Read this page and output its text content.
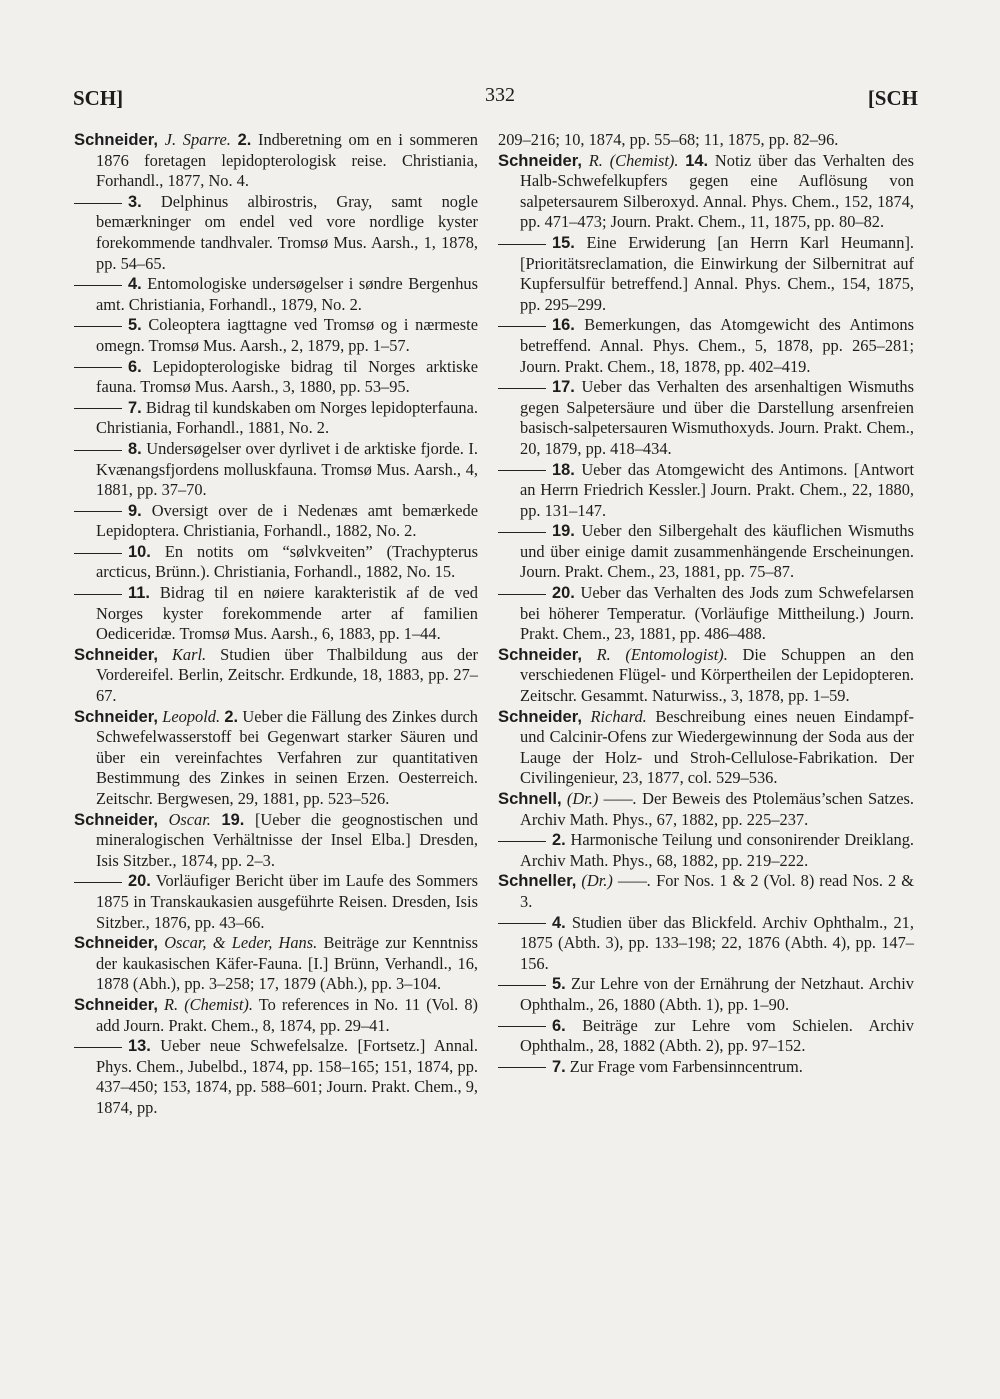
SCH]	332	[SCH

Schneider, J. Sparre. 2. Indberetning om en i sommeren 1876 foretagen lepidopterologisk reise. Christiania, Forhandl., 1877, No. 4.

3. Delphinus albirostris, Gray, samt nogle bemærkninger om endel ved vore nordlige kyster forekommende tandhvaler. Tromsø Mus. Aarsh., 1, 1878, pp. 54–65.

4. Entomologiske undersøgelser i søndre Bergenhus amt. Christiania, Forhandl., 1879, No. 2.

5. Coleoptera iagttagne ved Tromsø og i nærmeste omegn. Tromsø Mus. Aarsh., 2, 1879, pp. 1–57.

6. Lepidopterologiske bidrag til Norges arktiske fauna. Tromsø Mus. Aarsh., 3, 1880, pp. 53–95.

7. Bidrag til kundskaben om Norges lepidopterfauna. Christiania, Forhandl., 1881, No. 2.

8. Undersøgelser over dyrlivet i de arktiske fjorde. I. Kvænangsfjordens molluskfauna. Tromsø Mus. Aarsh., 4, 1881, pp. 37–70.

9. Oversigt over de i Nedenæs amt bemærkede Lepidoptera. Christiania, Forhandl., 1882, No. 2.

10. En notits om “sølvkveiten” (Trachypterus arcticus, Brünn.). Christiania, Forhandl., 1882, No. 15.

11. Bidrag til en nøiere karakteristik af de ved Norges kyster forekommende arter af familien Oediceridæ. Tromsø Mus. Aarsh., 6, 1883, pp. 1–44.

Schneider, Karl. Studien über Thalbildung aus der Vordereifel. Berlin, Zeitschr. Erdkunde, 18, 1883, pp. 27–67.

Schneider, Leopold. 2. Ueber die Fällung des Zinkes durch Schwefelwasserstoff bei Gegenwart starker Säuren und über ein vereinfachtes Verfahren zur quantitativen Bestimmung des Zinkes in seinen Erzen. Oesterreich. Zeitschr. Bergwesen, 29, 1881, pp. 523–526.

Schneider, Oscar. 19. [Ueber die geognostischen und mineralogischen Verhältnisse der Insel Elba.] Dresden, Isis Sitzber., 1874, pp. 2–3.

20. Vorläufiger Bericht über im Laufe des Sommers 1875 in Transkaukasien ausgeführte Reisen. Dresden, Isis Sitzber., 1876, pp. 43–66.

Schneider, Oscar, & Leder, Hans. Beiträge zur Kenntniss der kaukasischen Käfer-Fauna. [I.] Brünn, Verhandl., 16, 1878 (Abh.), pp. 3–258; 17, 1879 (Abh.), pp. 3–104.

Schneider, R. (Chemist). To references in No. 11 (Vol. 8) add Journ. Prakt. Chem., 8, 1874, pp. 29–41.

13. Ueber neue Schwefelsalze. [Fortsetz.] Annal. Phys. Chem., Jubelbd., 1874, pp. 158–165; 151, 1874, pp. 437–450; 153, 1874, pp. 588–601; Journ. Prakt. Chem., 9, 1874, pp.

209–216; 10, 1874, pp. 55–68; 11, 1875, pp. 82–96.

Schneider, R. (Chemist). 14. Notiz über das Verhalten des Halb-Schwefelkupfers gegen eine Auflösung von salpetersaurem Silberoxyd. Annal. Phys. Chem., 152, 1874, pp. 471–473; Journ. Prakt. Chem., 11, 1875, pp. 80–82.

15. Eine Erwiderung [an Herrn Karl Heumann]. [Prioritätsreclamation, die Einwirkung der Silbernitrat auf Kupfersulfür betreffend.] Annal. Phys. Chem., 154, 1875, pp. 295–299.

16. Bemerkungen, das Atomgewicht des Antimons betreffend. Annal. Phys. Chem., 5, 1878, pp. 265–281; Journ. Prakt. Chem., 18, 1878, pp. 402–419.

17. Ueber das Verhalten des arsenhaltigen Wismuths gegen Salpetersäure und über die Darstellung arsenfreien basisch-salpetersauren Wismuthoxyds. Journ. Prakt. Chem., 20, 1879, pp. 418–434.

18. Ueber das Atomgewicht des Antimons. [Antwort an Herrn Friedrich Kessler.] Journ. Prakt. Chem., 22, 1880, pp. 131–147.

19. Ueber den Silbergehalt des käuflichen Wismuths und über einige damit zusammenhängende Erscheinungen. Journ. Prakt. Chem., 23, 1881, pp. 75–87.

20. Ueber das Verhalten des Jods zum Schwefelarsen bei höherer Temperatur. (Vorläufige Mittheilung.) Journ. Prakt. Chem., 23, 1881, pp. 486–488.

Schneider, R. (Entomologist). Die Schuppen an den verschiedenen Flügel- und Körpertheilen der Lepidopteren. Zeitschr. Gesammt. Naturwiss., 3, 1878, pp. 1–59.

Schneider, Richard. Beschreibung eines neuen Eindampf- und Calcinir-Ofens zur Wiedergewinnung der Soda aus der Lauge der Holz- und Stroh-Cellulose-Fabrikation. Der Civilingenieur, 23, 1877, col. 529–536.

Schnell, (Dr.) ——. Der Beweis des Ptolemäus’schen Satzes. Archiv Math. Phys., 67, 1882, pp. 225–237.

2. Harmonische Teilung und consonirender Dreiklang. Archiv Math. Phys., 68, 1882, pp. 219–222.

Schneller, (Dr.) ——. For Nos. 1 & 2 (Vol. 8) read Nos. 2 & 3.

4. Studien über das Blickfeld. Archiv Ophthalm., 21, 1875 (Abth. 3), pp. 133–198; 22, 1876 (Abth. 4), pp. 147–156.

5. Zur Lehre von der Ernährung der Netzhaut. Archiv Ophthalm., 26, 1880 (Abth. 1), pp. 1–90.

6. Beiträge zur Lehre vom Schielen. Archiv Ophthalm., 28, 1882 (Abth. 2), pp. 97–152.

7. Zur Frage vom Farbensinncentrum.
